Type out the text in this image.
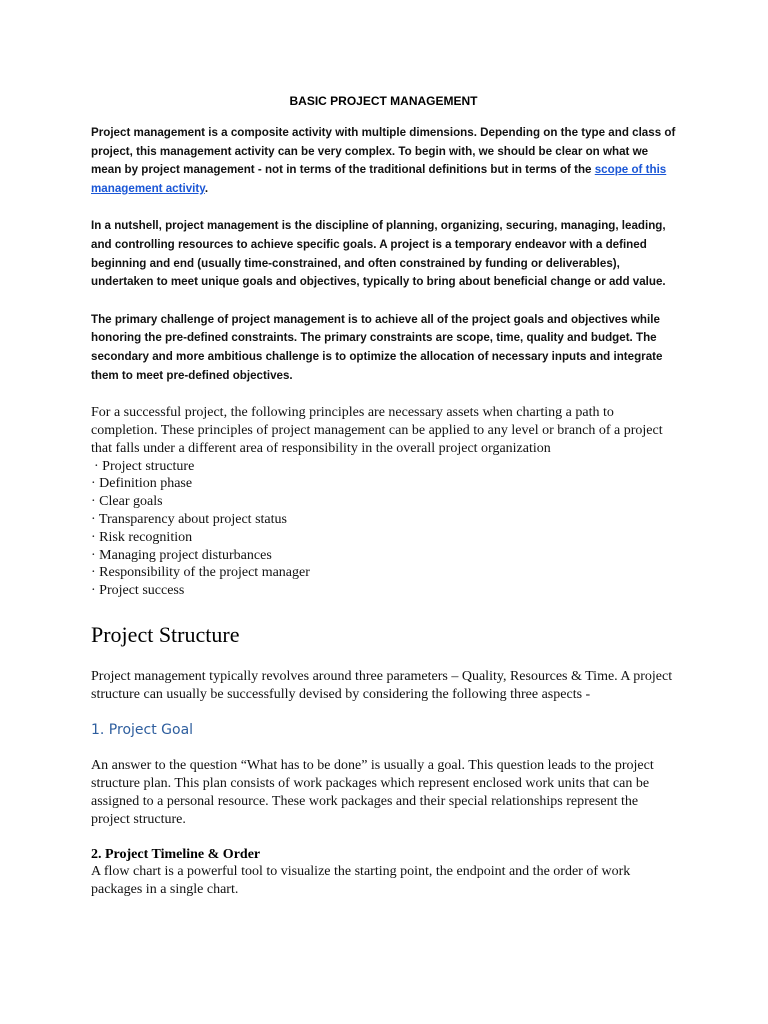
BASIC PROJECT MANAGEMENT

Project management is a composite activity with multiple dimensions. Depending on the type and class of project, this management activity can be very complex. To begin with, we should be clear on what we mean by project management - not in terms of the traditional definitions but in terms of the scope of this management activity.

In a nutshell, project management is the discipline of planning, organizing, securing, managing, leading, and controlling resources to achieve specific goals. A project is a temporary endeavor with a defined beginning and end (usually time-constrained, and often constrained by funding or deliverables), undertaken to meet unique goals and objectives, typically to bring about beneficial change or add value.

The primary challenge of project management is to achieve all of the project goals and objectives while honoring the pre-defined constraints. The primary constraints are scope, time, quality and budget. The secondary and more ambitious challenge is to optimize the allocation of necessary inputs and integrate them to meet pre-defined objectives.

For a successful project, the following principles are necessary assets when charting a path to completion. These principles of project management can be applied to any level or branch of a project that falls under a different area of responsibility in the overall project organization

· Project structure
· Definition phase
· Clear goals
· Transparency about project status
· Risk recognition
· Managing project disturbances
· Responsibility of the project manager
· Project success
Project Structure

Project management typically revolves around three parameters – Quality, Resources & Time. A project structure can usually be successfully devised by considering the following three aspects -

1. Project Goal

An answer to the question “What has to be done” is usually a goal. This question leads to the project structure plan. This plan consists of work packages which represent enclosed work units that can be assigned to a personal resource. These work packages and their special relationships represent the project structure.

2. Project Timeline & Order

A flow chart is a powerful tool to visualize the starting point, the endpoint and the order of work packages in a single chart.
